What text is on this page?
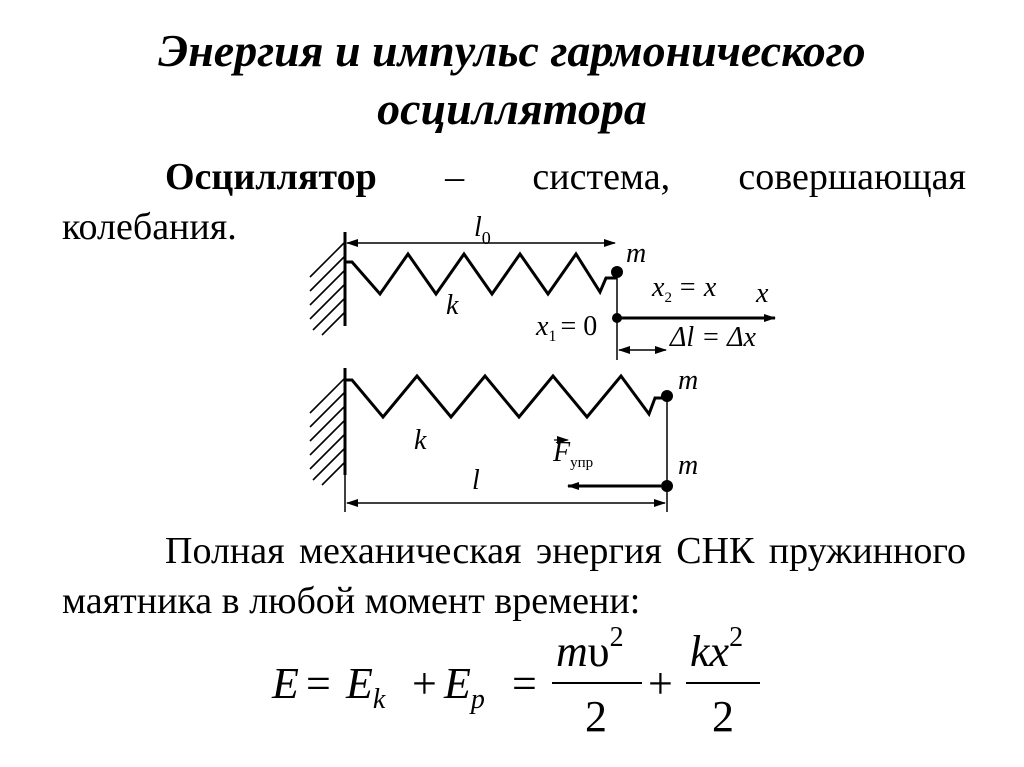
Энергия и импульс гармонического
осциллятора

Осциллятор – система, совершающая колебания.

Полная механическая энергия СНК пружинного маятника в любой момент времени:

$l_0$	m
k
$x_2 = x$ x
$x_1 = 0$	Δl = Δx
m
k	$F_{упр}$	m
l
$E = E_k + E_p$ =
$m\upsilon^2$
2
+
$kx^2$
2
